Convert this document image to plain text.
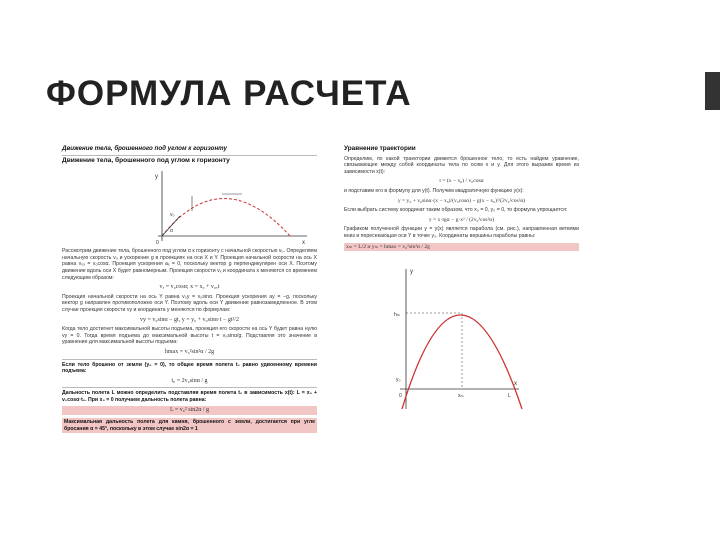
ФОРМУЛА РАСЧЕТА
Движение тела, брошенного под углом к горизонту
Движение тела, брошенного под углом к горизонту
y
x
v₀
α
0

Рассмотрим движение тела, брошенного под углом α к горизонту с начальной скоростью v₀. Определяем начальную скорость v₀ и ускорение g в проекциях на оси X и Y. Проекция начальной скорости на ось X равна v₀ₓ = v₀cosα. Проекция ускорения aₓ = 0, поскольку вектор g перпендикулярен оси X. Поэтому движение вдоль оси X будет равномерным. Проекция скорости vₓ и координата x меняются со временем следующим образом:

vₓ = v₀cosα; x = x₀ + v₀ₓt

Проекция начальной скорости на ось Y равна v₀y = v₀sinα. Проекция ускорения ay = −g, поскольку вектор g направлен противоположно оси Y. Поэтому вдоль оси Y движение равнозамедленное. В этом случае проекция скорости vy и координата y меняются по формулам:

vy = v₀sinα − gt, y = y₀ + v₀sinα·t − gt²/2

Когда тело достигнет максимальной высоты подъема, проекция его скорости на ось Y будет равна нулю vy = 0. Тогда время подъема до максимальной высоты t = v₀sinα/g. Подставляя это значение в уравнение для максимальной высоты подъема:

hmax = v₀²sin²α / 2g

Если тело брошено от земли (y₀ = 0), то общее время полета t₀ равно удвоенному времени подъема:

t₀ = 2v₀sinα / g

Дальность полета L можно определить подставляя время полета t₀ в зависимость x(t): L = x₀ + v₀cosα·t₀. При x₀ = 0 получаем дальность полета равна:

L = v₀² sin2α / g

Максимальная дальность полета для камня, брошенного с земли, достигается при угле бросания α = 45°, поскольку в этом случае sin2α = 1

Уравнение траектории

Определим, по какой траектории движется брошенное тело, то есть найдем уравнение, связывающее между собой координаты тела по осям x и y. Для этого выразим время из зависимости x(t):

t = (x − x₀) / v₀cosα

и подставим его в формулу для y(t). Получим квадратичную функцию y(x):

y = y₀ + v₀sinα·(x − x₀)/(v₀cosα) − g(x − x₀)²/(2v₀²cos²α)

Если выбрать систему координат таким образом, что x₀ = 0, y₀ = 0, то формула упрощается:

y = x·tgα − g·x² / (2v₀²cos²α)

Графиком полученной функции y = y(x) является парабола (см. рис.), направленная ветвями вниз и пересекающая оси Y в точке y₀. Координаты вершины параболы равны:

xₘ = L/2 и yₘ = hmax = v₀²sin²α / 2g
y
x
hₘ
y₀
xₘ	L
0
